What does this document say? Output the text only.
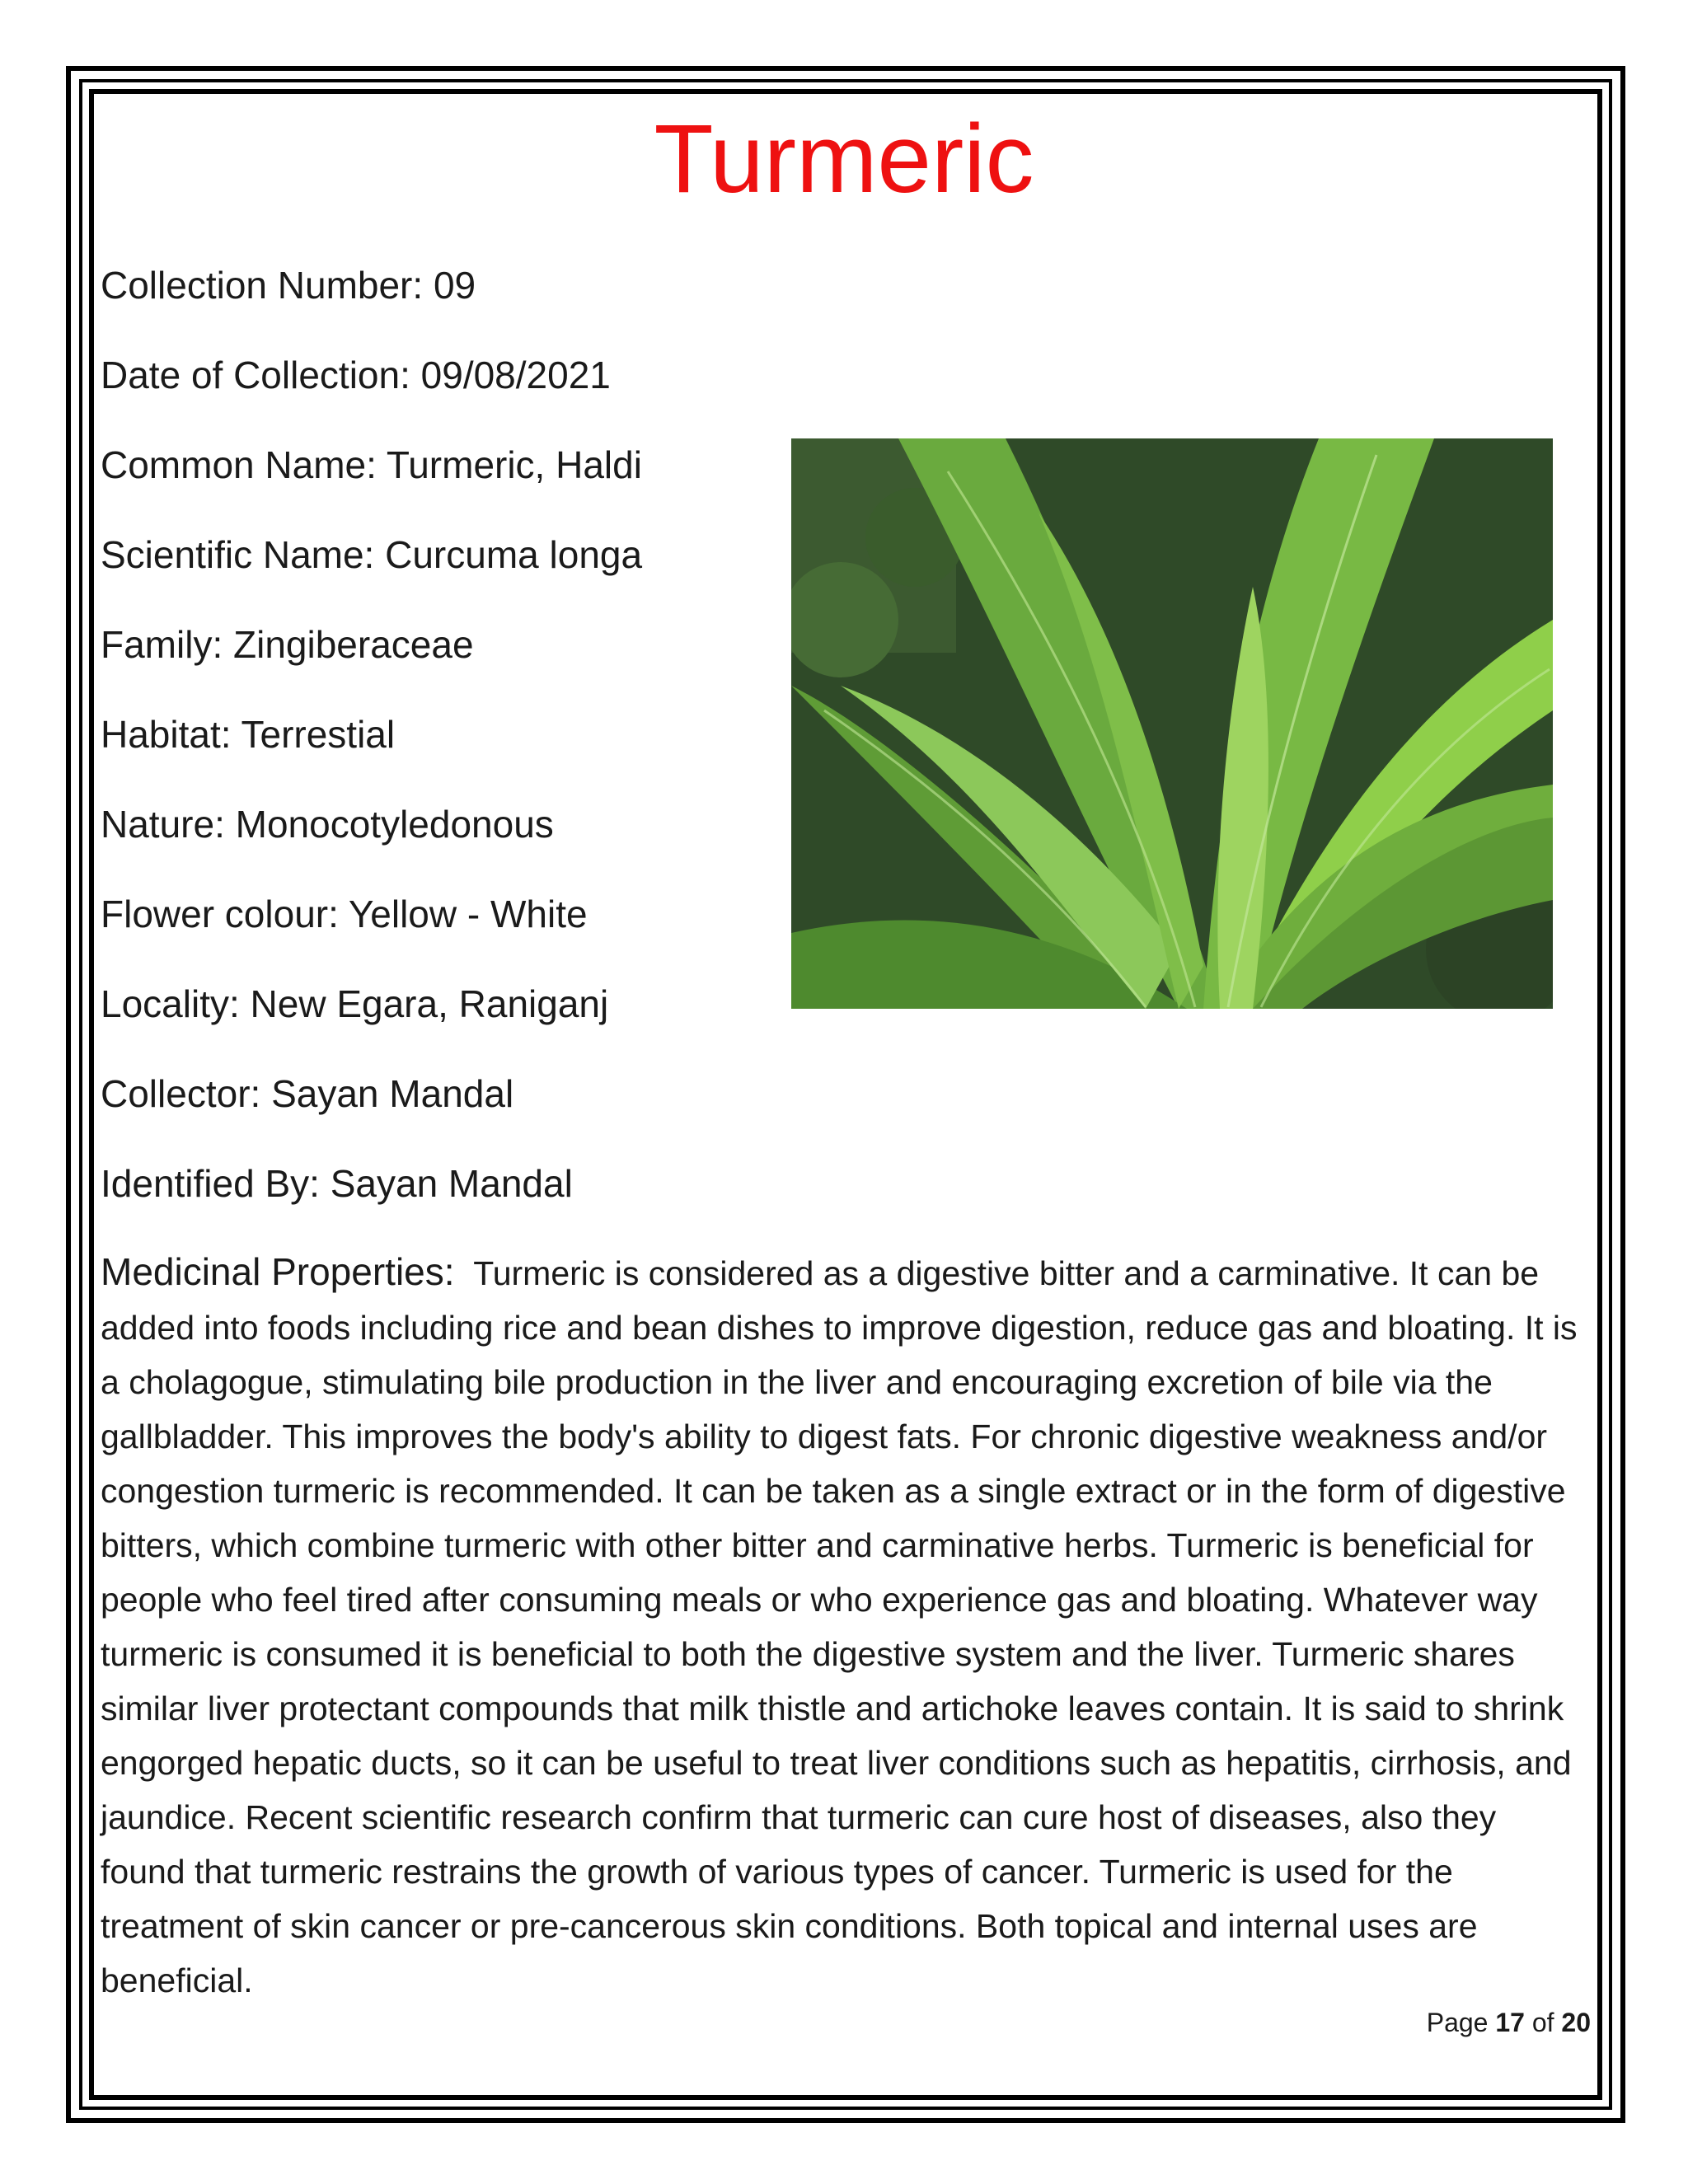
Turmeric
Collection Number: 09
Date of Collection: 09/08/2021
Common Name: Turmeric, Haldi
Scientific Name: Curcuma longa
Family: Zingiberaceae
Habitat: Terrestial
Nature: Monocotyledonous
Flower colour: Yellow - White
Locality: New Egara, Raniganj
Collector: Sayan Mandal
Identified By: Sayan Mandal
Medicinal Properties: Turmeric is considered as a digestive bitter and a carminative. It can be added into foods including rice and bean dishes to improve digestion, reduce gas and bloating. It is a cholagogue, stimulating bile production in the liver and encouraging excretion of bile via the gallbladder. This improves the body's ability to digest fats. For chronic digestive weakness and/or congestion turmeric is recommended. It can be taken as a single extract or in the form of digestive bitters, which combine turmeric with other bitter and carminative herbs. Turmeric is beneficial for people who feel tired after consuming meals or who experience gas and bloating. Whatever way turmeric is consumed it is beneficial to both the digestive system and the liver. Turmeric shares similar liver protectant compounds that milk thistle and artichoke leaves contain. It is said to shrink engorged hepatic ducts, so it can be useful to treat liver conditions such as hepatitis, cirrhosis, and jaundice. Recent scientific research confirm that turmeric can cure host of diseases, also they found that turmeric restrains the growth of various types of cancer. Turmeric is used for the treatment of skin cancer or pre-cancerous skin conditions. Both topical and internal uses are beneficial.
Page 17 of 20
